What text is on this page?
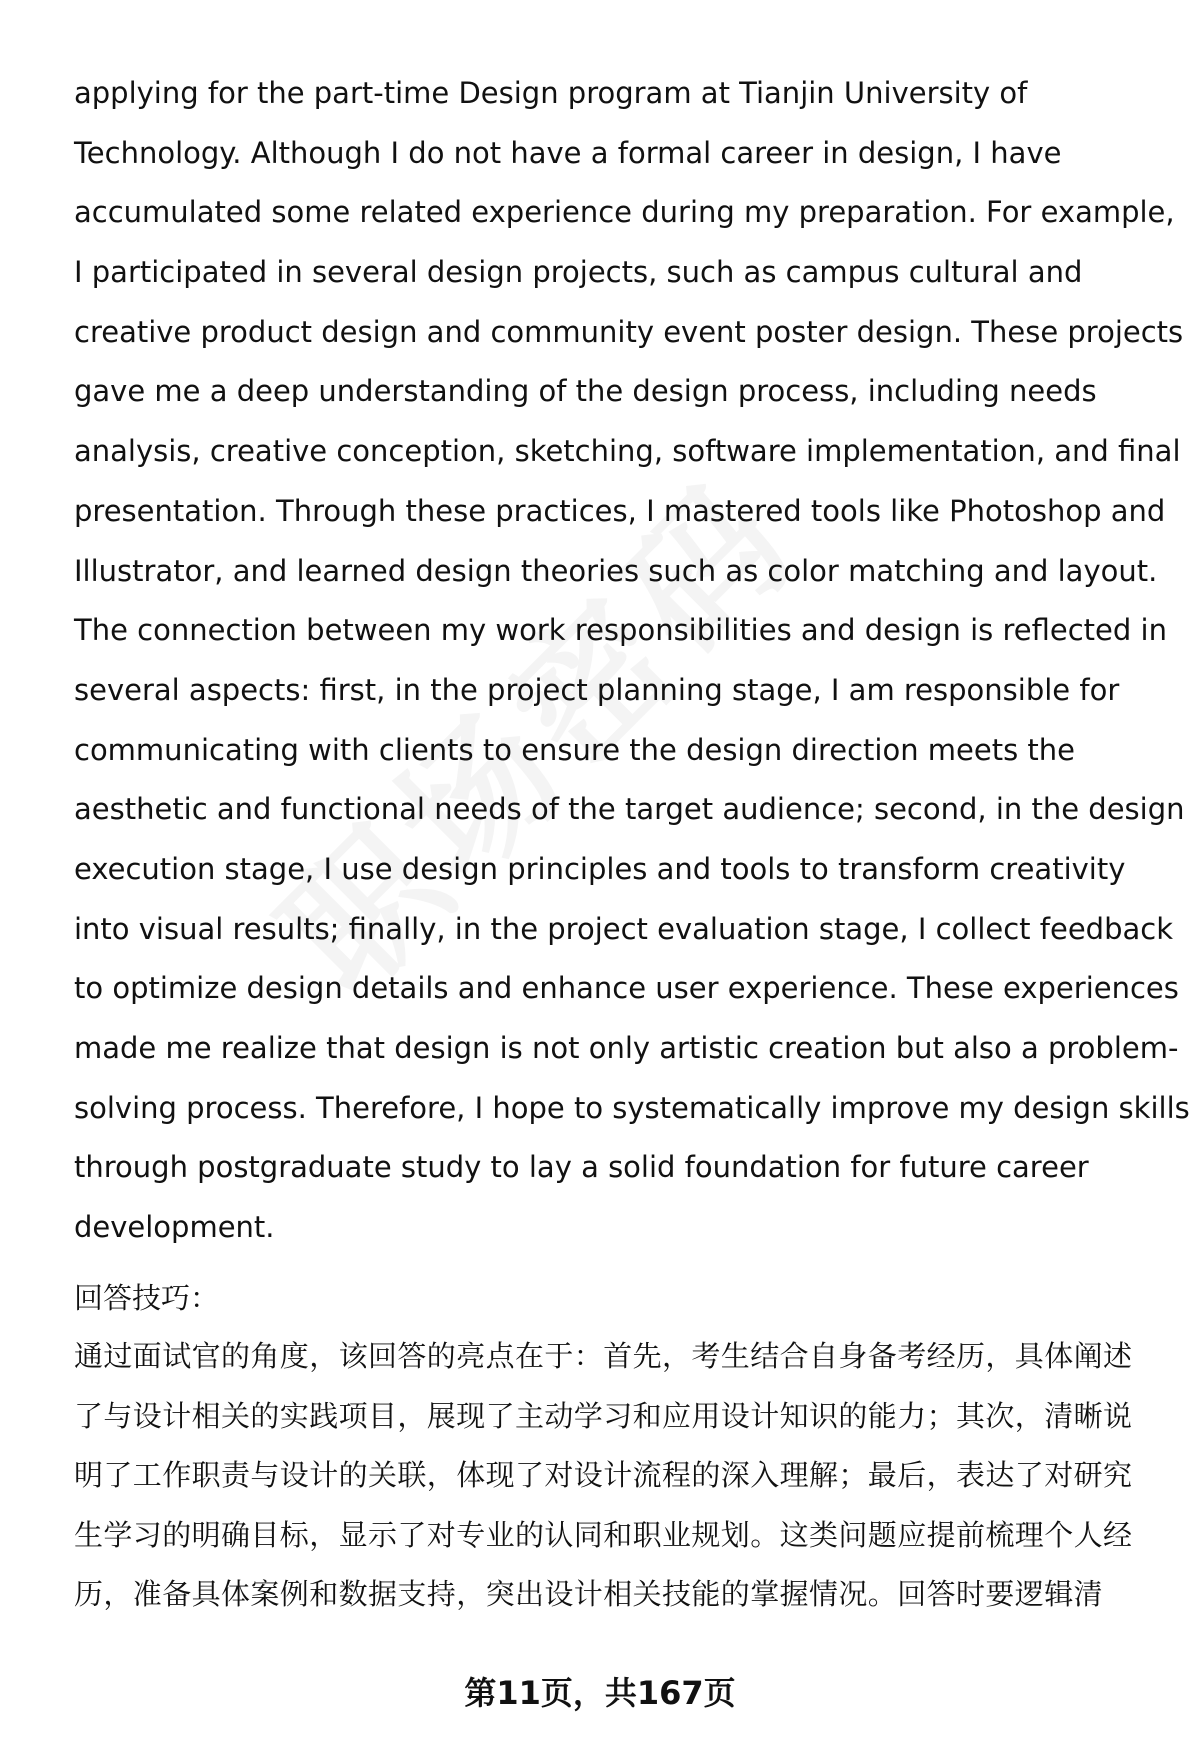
applying for the part-time Design program at Tianjin University of
Technology. Although I do not have a formal career in design, I have
accumulated some related experience during my preparation. For example,
I participated in several design projects, such as campus cultural and
creative product design and community event poster design. These projects
gave me a deep understanding of the design process, including needs
analysis, creative conception, sketching, software implementation, and final
presentation. Through these practices, I mastered tools like Photoshop and
Illustrator, and learned design theories such as color matching and layout.
The connection between my work responsibilities and design is reflected in
several aspects: first, in the project planning stage, I am responsible for
communicating with clients to ensure the design direction meets the
aesthetic and functional needs of the target audience; second, in the design
execution stage, I use design principles and tools to transform creativity
into visual results; finally, in the project evaluation stage, I collect feedback
to optimize design details and enhance user experience. These experiences
made me realize that design is not only artistic creation but also a problem-
solving process. Therefore, I hope to systematically improve my design skills
through postgraduate study to lay a solid foundation for future career
development.
回答技巧：
通过面试官的角度，该回答的亮点在于：首先，考生结合自身备考经历，具体阐述
了与设计相关的实践项目，展现了主动学习和应用设计知识的能力；其次，清晰说
明了工作职责与设计的关联，体现了对设计流程的深入理解；最后，表达了对研究
生学习的明确目标，显示了对专业的认同和职业规划。这类问题应提前梳理个人经
历，准备具体案例和数据支持，突出设计相关技能的掌握情况。回答时要逻辑清
第11页，共167页
